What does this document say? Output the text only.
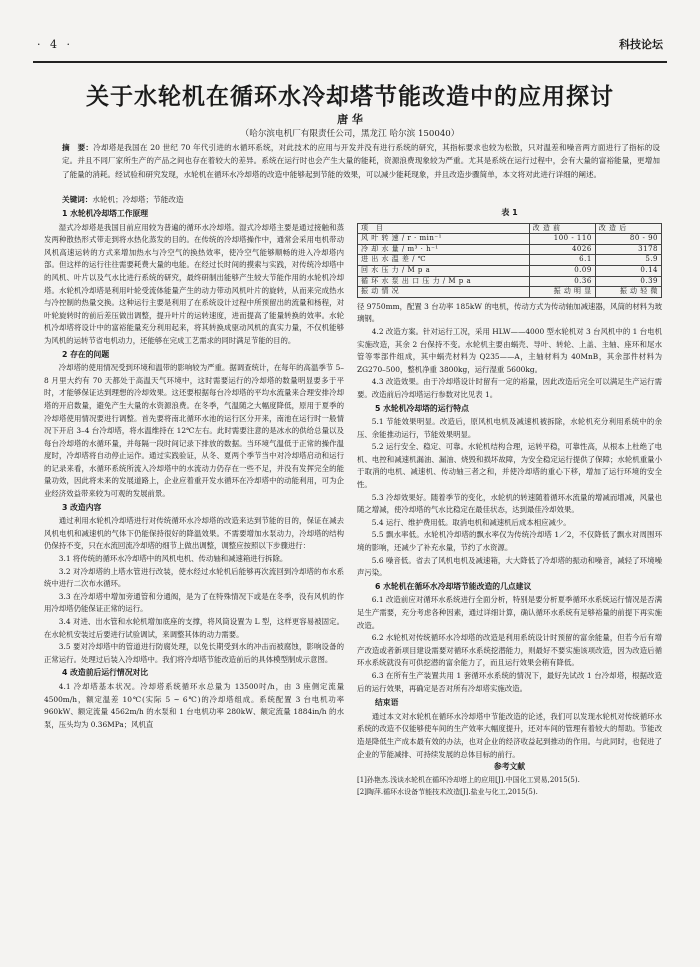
· 4 ·	科技论坛
关于水轮机在循环水冷却塔节能改造中的应用探讨
唐 华
（哈尔滨电机厂有限责任公司，黑龙江 哈尔滨 150040）
摘　要：冷却塔是我国在 20 世纪 70 年代引进的水循环系统，对此技术的应用与开发并没有进行系统的研究，其指标要求也较为松散，只对温差和噪音两方面进行了指标的设定。并且不同厂家所生产的产品之间也存在着较大的差异。系统在运行时也会产生大量的能耗，资源浪费现象较为严重。尤其是系统在运行过程中，会有大量的富裕能量，更增加了能量的消耗。经试验和研究发现，水轮机在循环水冷却塔的改造中能够起到节能的效果，可以减少能耗现象，并且改造步骤简单，本文将对此进行详细的阐述。
关键词：水轮机；冷却塔；节能改造
1 水轮机冷却塔工作原理
湿式冷却塔是我国目前应用较为普遍的循环水冷却塔。湿式冷却塔主要是通过接触和蒸发两种散热形式带走到将水热化蒸发的目的。在传统的冷却塔操作中，通常会采用电机带动风机高速运转的方式来增加热水与冷空气的换热效率，使冷空气能够顺畅的进入冷却塔内部。但这样的运行往往需要耗费大量的电能。在经过长时间的摸索与实践，对传统冷却塔中的风机、叶片以及气水比进行系统的研究，最终研制出能够产生较大节能作用的水轮机冷却塔。水轮机冷却塔是利用叶轮受流体能量产生的动力带动风机叶片的旋转，从而来完成热水与冷控制的热量交换。这种运行主要是利用了在系统设计过程中所预留出的流量和杨程，对叶轮旋转时的前后差压做出调整，提升叶片的运转速度，进而提高了能量转换的效率。水轮机冷却塔将设计中的富裕能量充分利用起来，将其转换成驱动风机的真实力量，不仅机能够为风机的运转节省电机动力，还能够在完成工艺需求的同时满足节能的目的。
2 存在的问题
冷却塔的使用情况受到环境和温带的影响较为严重。据调查统计，在每年的高温季节 5–8 月里大约有 70 天都处于高温天气环境中，这时需要运行的冷却塔的数量明显要多于平时，才能够保证达到理想的冷却效果。这还要根据每台冷却塔的平均水流量来合理安排冷却塔的开启数量，避免产生大量的水资源浪费。在冬季，气温随之大幅度降低，原用于夏季的冷却塔使用情况要进行调整。首先要将南北循环水池的运行区分开来，南池在运行时一般情况下开启 3–4 台冷却塔，将水温维持在 12℃左右。此时需要注意的是冰水的供给总量以及每台冷却塔的水循环量，并每隔一段时间记录下排放的数据。当环境气温低于正常的操作温度时，冷却塔将自动停止运作。通过实践验证，从冬、夏两个季节当中对冷却塔启动和运行的记录来看，水循环系统所流入冷却塔中的水流动力仍存在一些不足，并没有发挥完全的能量功效，因此将未来的发展道路上，企业应着重开发水循环在冷却塔中的动能利用，可为企业经济效益带来较为可观的发展前景。
3 改造内容
通过利用水轮机冷却塔进行对传统循环水冷却塔的改造来达到节能的目的，保证在减去风机电机和减速机的气体下仍能保持很好的降温效果。不需要增加水泵动力，冷却塔的结构仍保持不变，只在水流回流冷却塔的细节上做出调整，调整应按照以下步骤进行：
3.1 将传统的循环水冷却塔中的风机电机、传动轴和减速箱进行拆除。
3.2 对冷却塔的上塔水管进行改装，使水经过水轮机后能够再次流回到冷却塔的布水系统中进行二次布水循环。
3.3 在冷却塔中增加旁通管和分通阀，是为了在特殊情况下或是在冬季，没有风机的作用冷却塔仍能保证正常的运行。
3.4 对进、出水管和水轮机增加底座的支撑，将风筒设置为 L 型，这样更容易被固定。在水轮机安装过后要进行试验调试，来调整其体的动力需要。
3.5 要对冷却塔中的管道进行防腐处理，以免长期受到水的冲击而被腐蚀，影响设备的正常运行。处理过后装入冷却塔中。我们将冷却塔节能改造前后的具体模型制成示意图。
4 改造前后运行情况对比
4.1 冷却塔基本状况。冷却塔系统循环水总量为 13500吋/h，由 3 座侧定流量 4500m/h，额定温差 10℃(实际 5 ~ 6℃)的冷却塔组成。系统配置 3 台电机功率 960kW、额定流量 4562m/h 的水泵和 1 台电机功率 280kW、额定流量 1884in/h 的水泵，压头均为 0.36MPa；风机直
表 1
项　目	改 造 前	改 造 后
风 叶 转 速 / r · min⁻¹	100 - 110	80 - 90
冷 却 水 量 / m³ · h⁻¹	4026	3178
进 出 水 温 差 / ℃	6.1	5.9
回 水 压 力 / M p a	0.09	0.14
循 环 水 泵 出 口 压 力 / M p a	0.36	0.39
振 动 情 况	振 动 明 显	振 动 轻 微
径 9750mm，配置 3 台功率 185kW 的电机，传动方式为传动轴加减速器，风筒的材料为玻璃钢。
4.2 改造方案。针对运行工况，采用 HLW——4000 型水轮机对 3 台风机中的 1 台电机实施改造，其余 2 台保持不变。水轮机主要由蜗壳、导叶、转轮、上盖、主轴、座环和尾水管等零部件组成，其中蜗壳材料为 Q235——A，主轴材料为 40MnB，其余部件材料为 ZG270–500，整机净重 3800kg，运行湿重 5600kg。
4.3 改造效果。由于冷却塔设计时留有一定的裕量，因此改造后完全可以满足生产运行需要。改造前后冷却塔运行参数对比见表 1。
5 水轮机冷却塔的运行特点
5.1 节能效果明显。改造后，原风机电机及减速机被拆除，水轮机充分利用系统中的余压、余能推动运行，节能效果明显。
5.2 运行安全、稳定、可靠。水轮机结构合理，运转平稳，可靠性高，从根本上杜绝了电机、电控和减速机漏油、漏油、烧毁和损坏故障，为安全稳定运行提供了保障；水轮机重量小于取消的电机、减速机、传动轴三者之和，并使冷却塔的重心下移，增加了运行环境的安全性。
5.3 冷却效果好。随着季节的变化，水轮机的转速随着循环水流量的增减而增减，风量也随之增减，使冷却塔的气水比稳定在最佳状态，达到最佳冷却效果。
5.4 运行、维护费用低。取消电机和减速机后成本相应减少。
5.5 飘水率低。水轮机冷却塔的飘水率仅为传统冷却塔 1／2，不仅降低了飘水对周围环境的影响，还减少了补充水量，节约了水资源。
5.6 噪音低。省去了风机电机及减速箱，大大降低了冷却塔的振动和噪音，减轻了环境噪声污染。
6 水轮机在循环水冷却塔节能改造的几点建议
6.1 改造前应对循环水系统进行全面分析，特别是要分析夏季循环水系统运行情况是否满足生产需要，充分考虑各种因素，通过详细计算，确认循环水系统有足够裕量的前提下再实施改造。
6.2 水轮机对传统循环水冷却塔的改造是利用系统设计时预留的富余能量，但若今后有增产改造或者新项目建设需要对循环水系统挖潜能力，则最好不要实施该项改造，因为改造后循环水系统就没有可供挖潜的富余能力了，而且运行效果会稍有降低。
6.3 在所有生产装置共用 1 套循环水系统的情况下，最好先试改 1 台冷却塔，根据改造后的运行效果，再确定是否对所有冷却塔实施改造。
结束语
通过本文对水轮机在循环水冷却塔中节能改造的论述，我们可以发现水轮机对传统循环水系统的改造不仅能够使车间的生产效率大幅度提升，还对车间的管理有着较大的帮助。节能改造是降低生产成本最有效的办法，也对企业的经济收益起到推动的作用。与此同时，也促进了企业的节能减排、可持续发展的总体目标的前行。
参考文献
[1]孙艳杰.浅谈水轮机在循环冷却塔上的应用[J].中国化工贸易,2015(5).
[2]陶萍.循环水设备节能技术改造[J].盐业与化工,2015(5).
